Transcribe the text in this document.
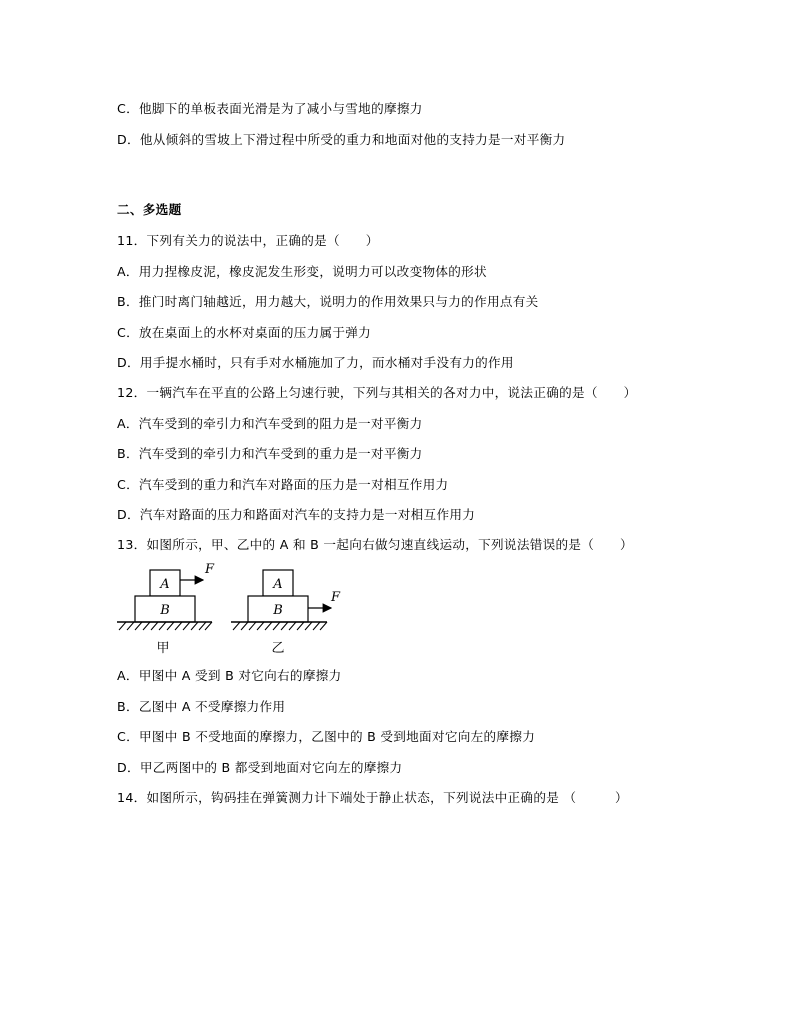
C．他脚下的单板表面光滑是为了减小与雪地的摩擦力
D．他从倾斜的雪坡上下滑过程中所受的重力和地面对他的支持力是一对平衡力
二、多选题
11．下列有关力的说法中，正确的是（　　）
A．用力捏橡皮泥，橡皮泥发生形变，说明力可以改变物体的形状
B．推门时离门轴越近，用力越大，说明力的作用效果只与力的作用点有关
C．放在桌面上的水杯对桌面的压力属于弹力
D．用手提水桶时，只有手对水桶施加了力，而水桶对手没有力的作用
12．一辆汽车在平直的公路上匀速行驶，下列与其相关的各对力中，说法正确的是（　　）
A．汽车受到的牵引力和汽车受到的阻力是一对平衡力
B．汽车受到的牵引力和汽车受到的重力是一对平衡力
C．汽车受到的重力和汽车对路面的压力是一对相互作用力
D．汽车对路面的压力和路面对汽车的支持力是一对相互作用力
13．如图所示，甲、乙中的 A 和 B 一起向右做匀速直线运动，下列说法错误的是（　　）
A
F
B
甲
A
B
F
乙
A．甲图中 A 受到 B 对它向右的摩擦力
B．乙图中 A 不受摩擦力作用
C．甲图中 B 不受地面的摩擦力，乙图中的 B 受到地面对它向左的摩擦力
D．甲乙两图中的 B 都受到地面对它向左的摩擦力
14．如图所示，钩码挂在弹簧测力计下端处于静止状态，下列说法中正确的是 （　　　）
